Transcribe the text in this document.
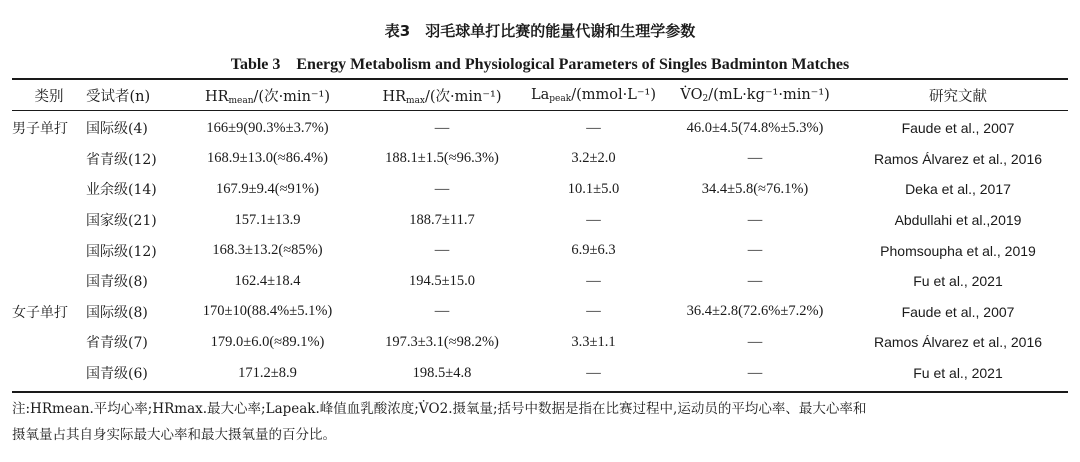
表3　羽毛球单打比赛的能量代谢和生理学参数
Table 3　Energy Metabolism and Physiological Parameters of Singles Badminton Matches
类别	受试者(n)	$HR_{mean}/$(次·min⁻¹)	$HR_{max}/$(次·min⁻¹)	$La_{peak}/(mmol\cdot L^{-1})$	$V̇O_2/(mL\cdot kg^{-1}\cdot\min^{-1})$	研究文献
男子单打	国际级(4)	166±9(90.3%±3.7%)	—	—	46.0±4.5(74.8%±5.3%)	Faude et al., 2007
	省青级(12)	168.9±13.0(≈86.4%)	188.1±1.5(≈96.3%)	3.2±2.0	—	Ramos Álvarez et al., 2016
	业余级(14)	167.9±9.4(≈91%)	—	10.1±5.0	34.4±5.8(≈76.1%)	Deka et al., 2017
	国家级(21)	157.1±13.9	188.7±11.7	—	—	Abdullahi et al.,2019
	国际级(12)	168.3±13.2(≈85%)	—	6.9±6.3	—	Phomsoupha et al., 2019
	国青级(8)	162.4±18.4	194.5±15.0	—	—	Fu et al., 2021
女子单打	国际级(8)	170±10(88.4%±5.1%)	—	—	36.4±2.8(72.6%±7.2%)	Faude et al., 2007
	省青级(7)	179.0±6.0(≈89.1%)	197.3±3.1(≈98.2%)	3.3±1.1	—	Ramos Álvarez et al., 2016
	国青级(6)	171.2±8.9	198.5±4.8	—	—	Fu et al., 2021
注:HRmean.平均心率;HRmax.最大心率;Lapeak.峰值血乳酸浓度;V̇O2.摄氧量;括号中数据是指在比赛过程中,运动员的平均心率、最大心率和
摄氧量占其自身实际最大心率和最大摄氧量的百分比。
